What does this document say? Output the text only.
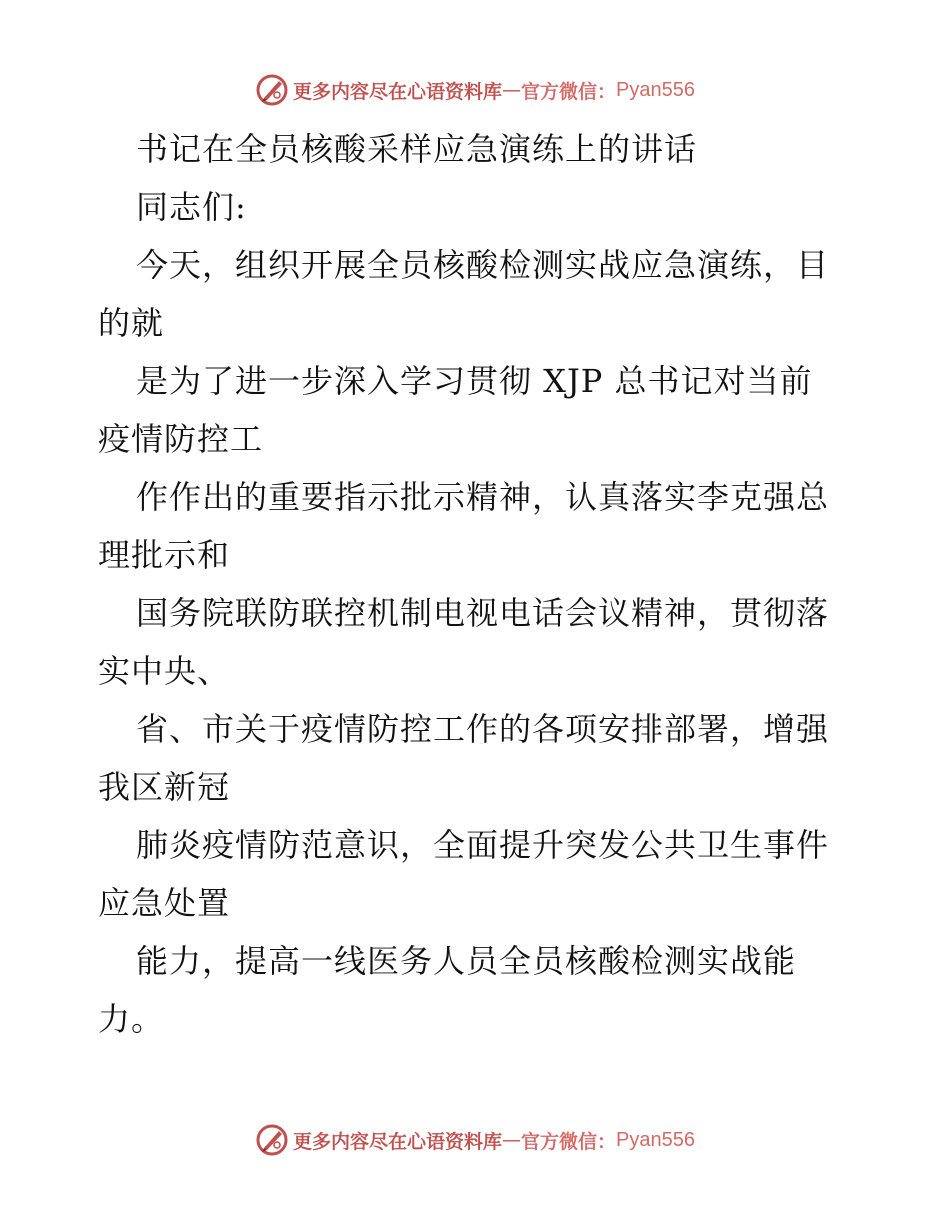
更多内容尽在心语资料库 — 官方微信： Pyan556
书记在全员核酸采样应急演练上的讲话
同志们:
今天，组织开展全员核酸检测实战应急演练，目
的就
是为了进一步深入学习贯彻 XJP 总书记对当前
疫情防控工
作作出的重要指示批示精神，认真落实李克强总
理批示和
国务院联防联控机制电视电话会议精神，贯彻落
实中央、
省、市关于疫情防控工作的各项安排部署，增强
我区新冠
肺炎疫情防范意识，全面提升突发公共卫生事件
应急处置
能力，提高一线医务人员全员核酸检测实战能
力。
更多内容尽在心语资料库 — 官方微信： Pyan556
